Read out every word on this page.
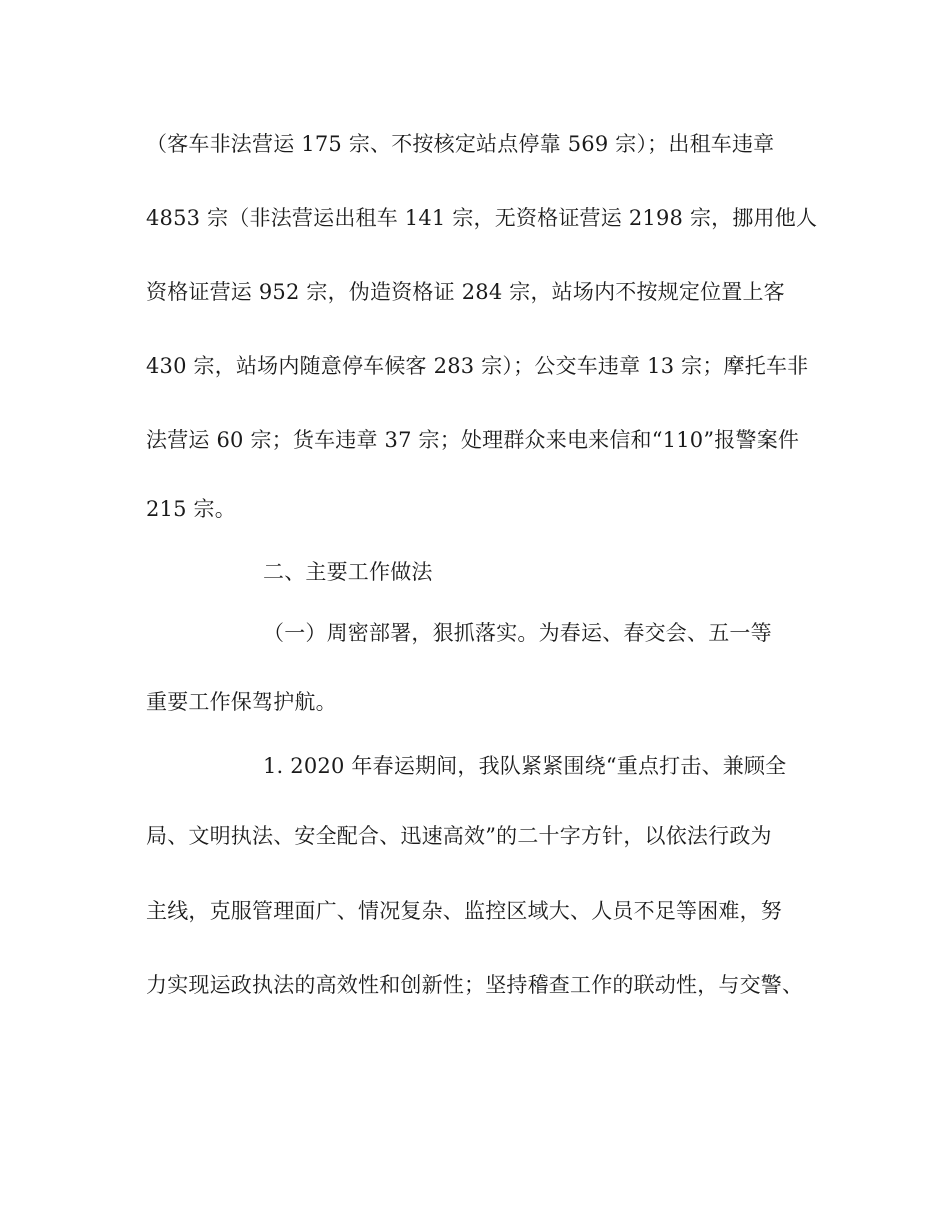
（客车非法营运 175 宗、不按核定站点停靠 569 宗）；出租车违章
4853 宗（非法营运出租车 141 宗，无资格证营运 2198 宗，挪用他人
资格证营运 952 宗，伪造资格证 284 宗，站场内不按规定位置上客
430 宗，站场内随意停车候客 283 宗）；公交车违章 13 宗；摩托车非
法营运 60 宗；货车违章 37 宗；处理群众来电来信和“110”报警案件
215 宗。
二、主要工作做法
（一）周密部署，狠抓落实。为春运、春交会、五一等
重要工作保驾护航。
1. 2020 年春运期间，我队紧紧围绕“重点打击、兼顾全
局、文明执法、安全配合、迅速高效”的二十字方针，以依法行政为
主线，克服管理面广、情况复杂、监控区域大、人员不足等困难，努
力实现运政执法的高效性和创新性；坚持稽查工作的联动性，与交警、
